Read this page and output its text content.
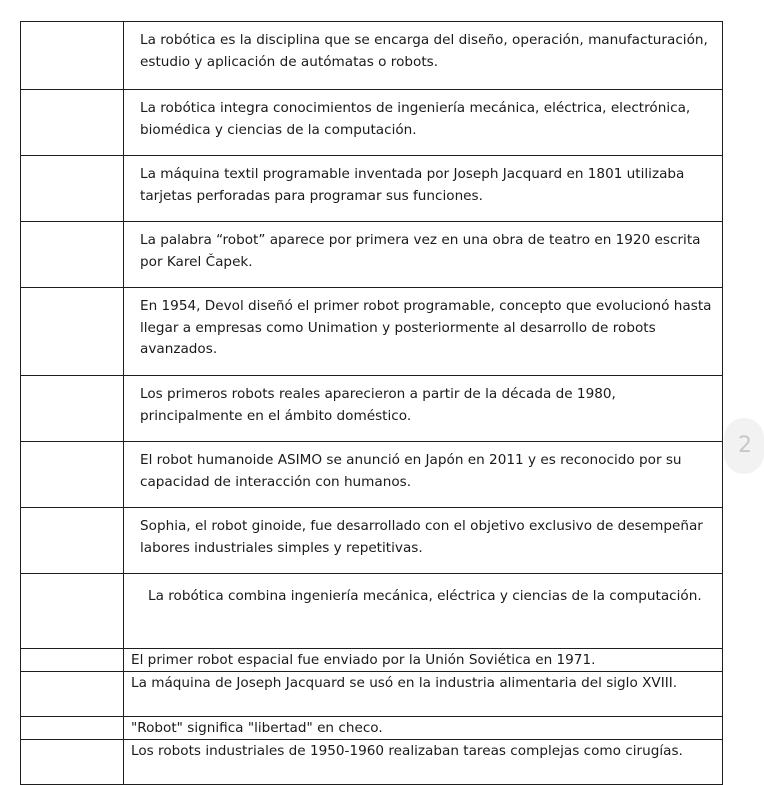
	La robótica es la disciplina que se encarga del diseño, operación, manufacturación, estudio y aplicación de autómatas o robots.

	La robótica integra conocimientos de ingeniería mecánica, eléctrica, electrónica, biomédica y ciencias de la computación.

	La máquina textil programable inventada por Joseph Jacquard en 1801 utilizaba tarjetas perforadas para programar sus funciones.

	La palabra “robot” aparece por primera vez en una obra de teatro en 1920 escrita por Karel Čapek.

	En 1954, Devol diseñó el primer robot programable, concepto que evolucionó hasta llegar a empresas como Unimation y posteriormente al desarrollo de robots avanzados.

	Los primeros robots reales aparecieron a partir de la década de 1980, principalmente en el ámbito doméstico.

	El robot humanoide ASIMO se anunció en Japón en 2011 y es reconocido por su capacidad de interacción con humanos.

	Sophia, el robot ginoide, fue desarrollado con el objetivo exclusivo de desempeñar labores industriales simples y repetitivas.

	La robótica combina ingeniería mecánica, eléctrica y ciencias de la computación.

	El primer robot espacial fue enviado por la Unión Soviética en 1971.

	La máquina de Joseph Jacquard se usó en la industria alimentaria del siglo XVIII.

	"Robot" significa "libertad" en checo.

	Los robots industriales de 1950-1960 realizaban tareas complejas como cirugías.
2
